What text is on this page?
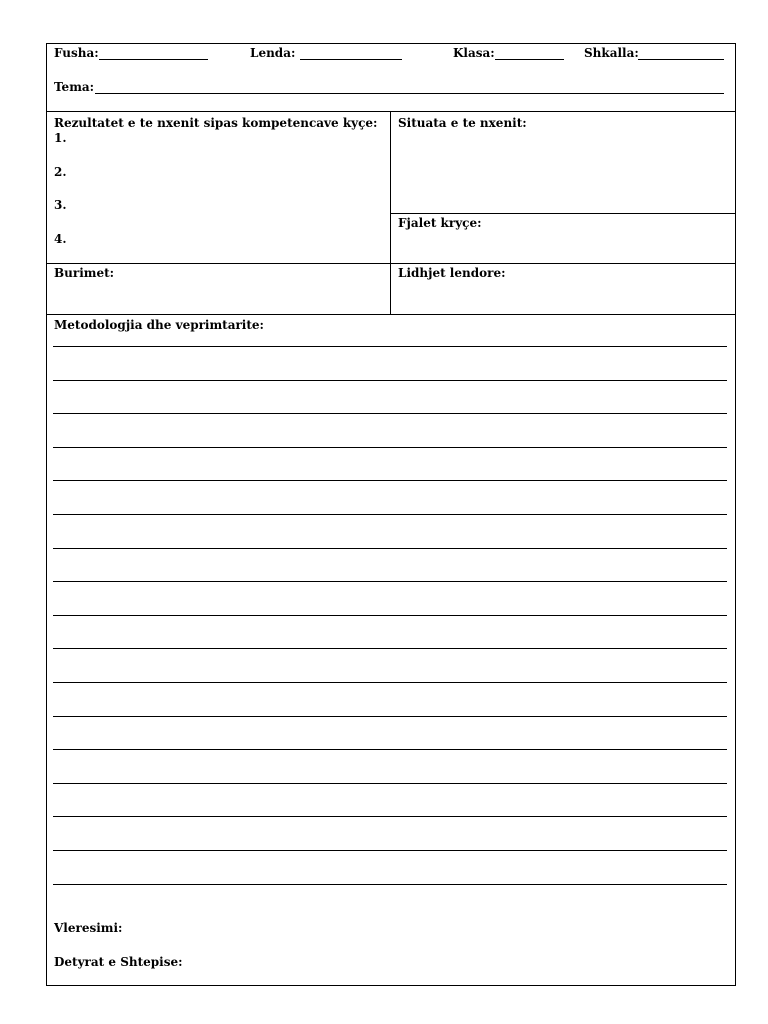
Fusha:	Lenda:	Klasa:	Shkalla:
Tema:
Rezultatet e te nxenit sipas kompetencave kyçe:
1.
2.
3.
4.
Situata e te nxenit:
Fjalet kryçe:
Burimet:	Lidhjet lendore:
Metodologjia dhe veprimtarite:
Vleresimi:
Detyrat e Shtepise:
